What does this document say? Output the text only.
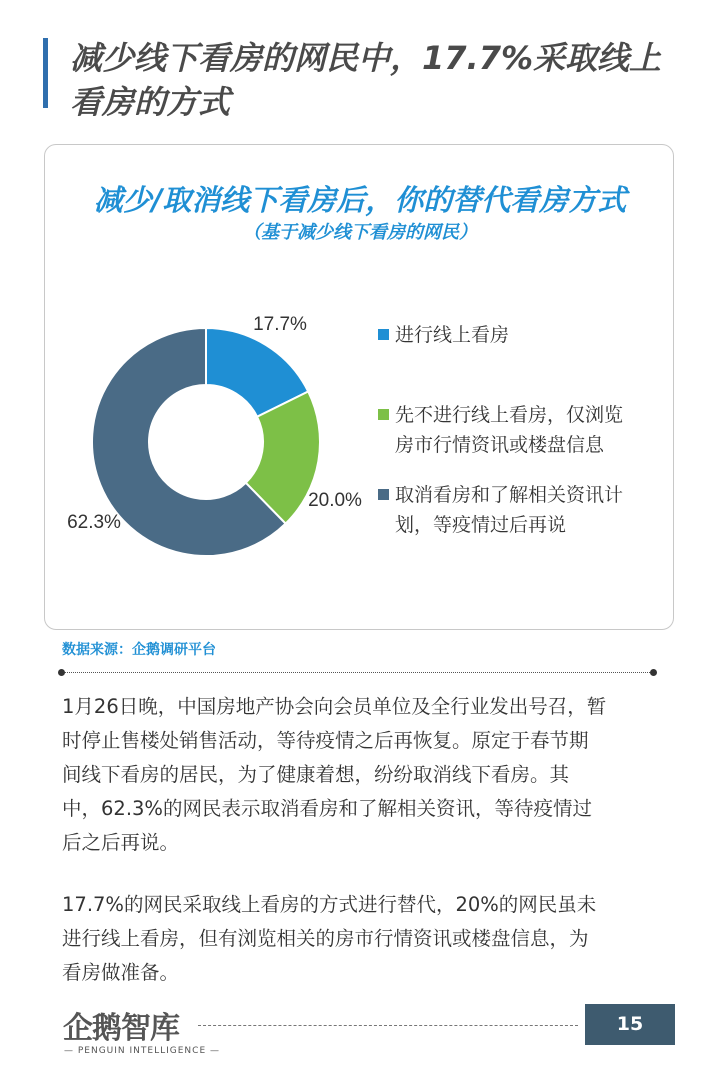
减少线下看房的网民中，17.7%采取线上看房的方式
减少/取消线下看房后，你的替代看房方式
（基于减少线下看房的网民）
17.7%
20.0%
62.3%
进行线上看房
先不进行线上看房，仅浏览
房市行情资讯或楼盘信息
取消看房和了解相关资讯计
划，等疫情过后再说
数据来源：企鹅调研平台
1月26日晚，中国房地产协会向会员单位及全行业发出号召，暂
时停止售楼处销售活动，等待疫情之后再恢复。原定于春节期
间线下看房的居民，为了健康着想，纷纷取消线下看房。其
中，62.3%的网民表示取消看房和了解相关资讯，等待疫情过
后之后再说。
17.7%的网民采取线上看房的方式进行替代，20%的网民虽未
进行线上看房，但有浏览相关的房市行情资讯或楼盘信息，为
看房做准备。
企鹅智库
— PENGUIN INTELLIGENCE —
15
